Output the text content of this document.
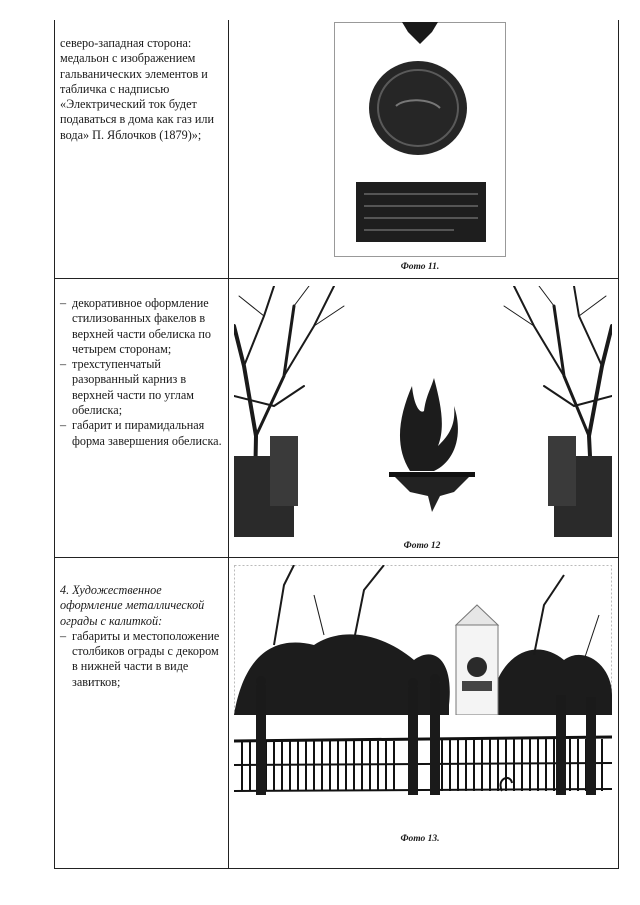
северо-западная сторона: медальон с изображением гальванических элементов и табличка с надписью «Электрический ток будет подаваться в дома как газ или вода» П. Яблочков (1879)»;

Фото 11.
– декоративное оформление стилизованных факелов в верхней части обелиска по четырем сторонам;
– трехступенчатый разорванный карниз в верхней части по углам обелиска;
– габарит и пирамидальная форма завершения обелиска.
Фото 12

4. Художественное оформление металлической ограды с калиткой:

– габариты и местоположение столбиков ограды с декором в нижней части в виде завитков;
Фото 13.
